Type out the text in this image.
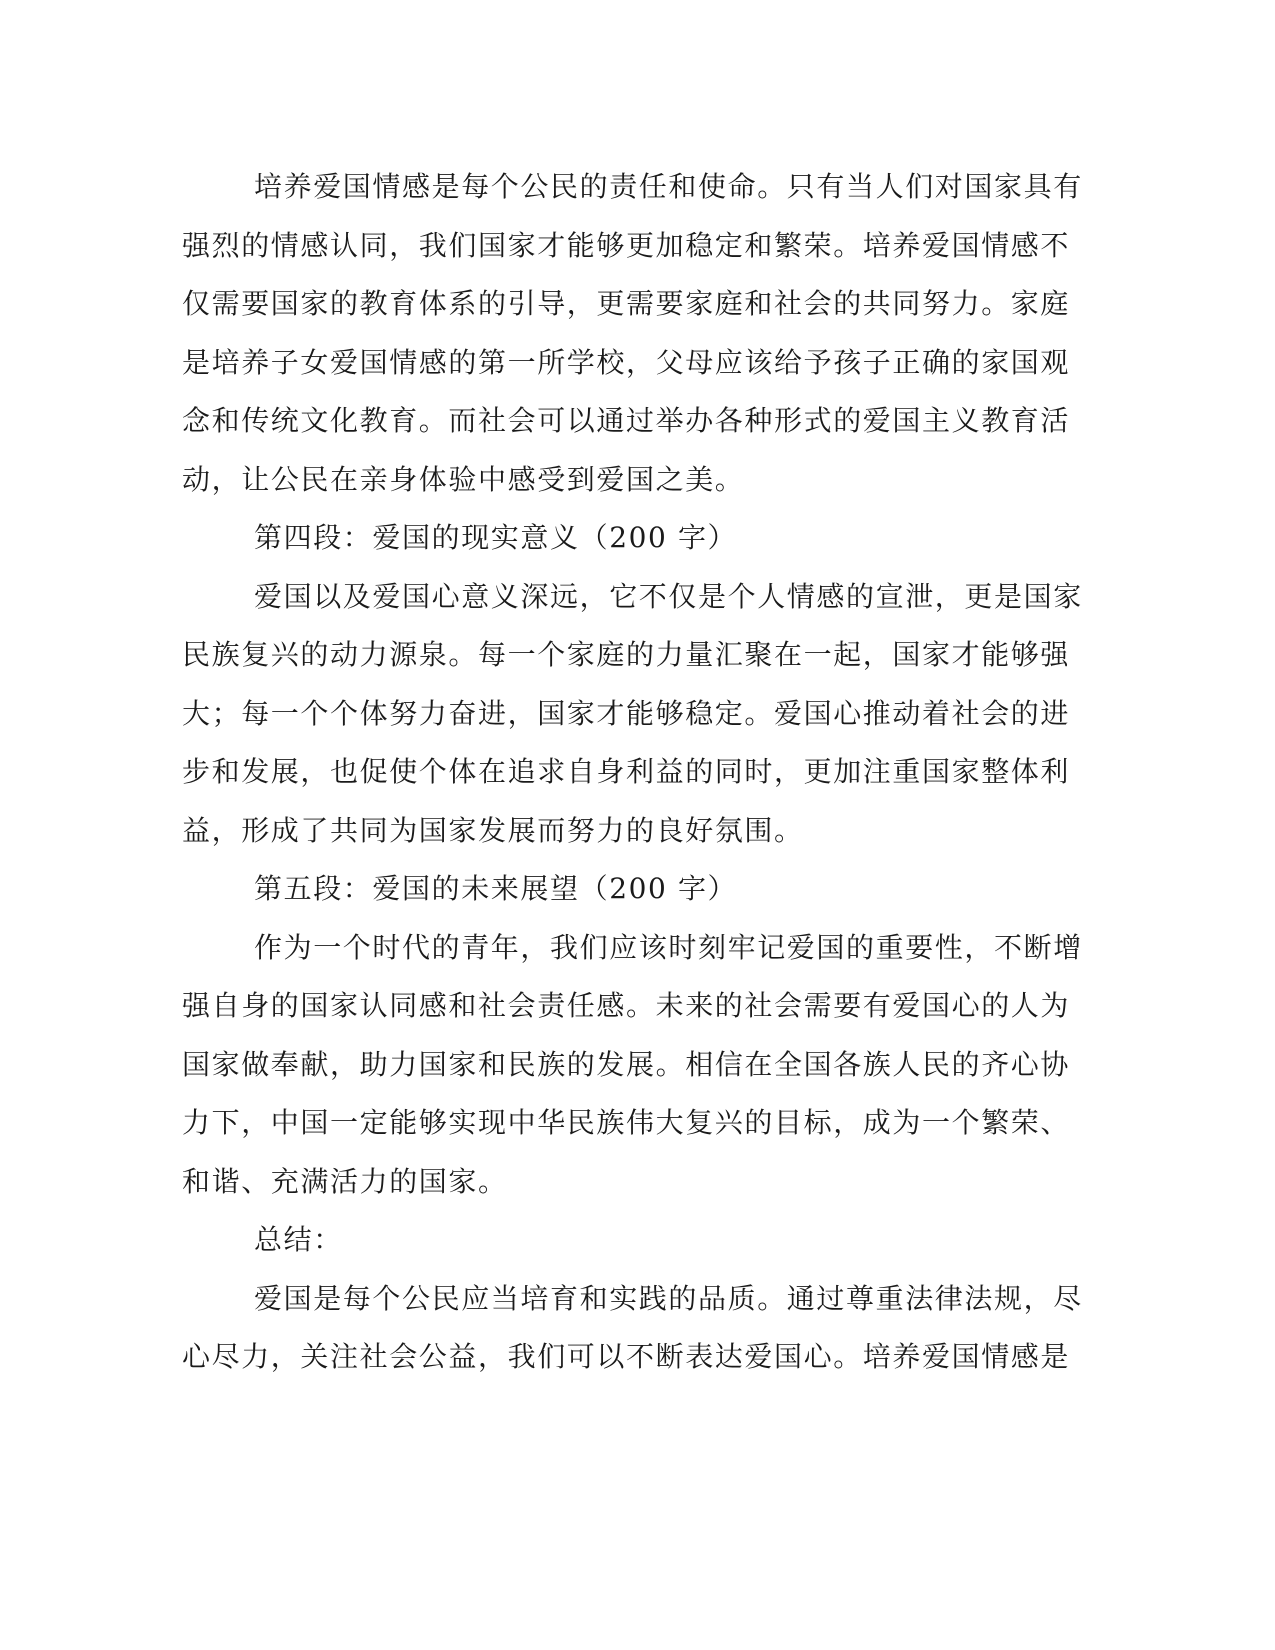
培养爱国情感是每个公民的责任和使命。只有当人们对国家具有
强烈的情感认同，我们国家才能够更加稳定和繁荣。培养爱国情感不
仅需要国家的教育体系的引导，更需要家庭和社会的共同努力。家庭
是培养子女爱国情感的第一所学校，父母应该给予孩子正确的家国观
念和传统文化教育。而社会可以通过举办各种形式的爱国主义教育活
动，让公民在亲身体验中感受到爱国之美。
第四段：爱国的现实意义（200 字）
爱国以及爱国心意义深远，它不仅是个人情感的宣泄，更是国家
民族复兴的动力源泉。每一个家庭的力量汇聚在一起，国家才能够强
大；每一个个体努力奋进，国家才能够稳定。爱国心推动着社会的进
步和发展，也促使个体在追求自身利益的同时，更加注重国家整体利
益，形成了共同为国家发展而努力的良好氛围。
第五段：爱国的未来展望（200 字）
作为一个时代的青年，我们应该时刻牢记爱国的重要性，不断增
强自身的国家认同感和社会责任感。未来的社会需要有爱国心的人为
国家做奉献，助力国家和民族的发展。相信在全国各族人民的齐心协
力下，中国一定能够实现中华民族伟大复兴的目标，成为一个繁荣、
和谐、充满活力的国家。
总结：
爱国是每个公民应当培育和实践的品质。通过尊重法律法规，尽
心尽力，关注社会公益，我们可以不断表达爱国心。培养爱国情感是
